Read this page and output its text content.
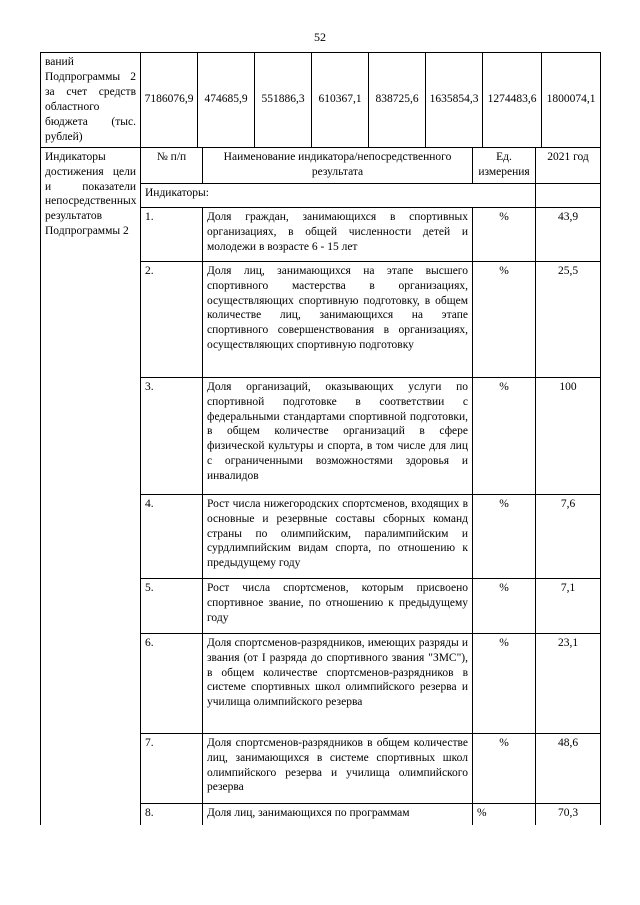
52
ваний Подпрограммы 2 за счет средств областного бюджета (тыс. рублей)	7186076,9	474685,9	551886,3	610367,1	838725,6	1635854,3	1274483,6	1800074,1
Индикаторы достижения цели и показатели непосредственных результатов Подпрограммы 2	№ п/п	Наименование индикатора/непосредственного результата	Ед. измерения	2021 год
	Индикаторы:			
	1.	Доля граждан, занимающихся в спортивных организациях, в общей численности детей и молодежи в возрасте 6 - 15 лет	%	43,9
	2.	Доля лиц, занимающихся на этапе высшего спортивного мастерства в организациях, осуществляющих спортивную подготовку, в общем количестве лиц, занимающихся на этапе спортивного совершенствования в организациях, осуществляющих спортивную подготовку	%	25,5
	3.	Доля организаций, оказывающих услуги по спортивной подготовке в соответствии с федеральными стандартами спортивной подготовки, в общем количестве организаций в сфере физической культуры и спорта, в том числе для лиц с ограниченными возможностями здоровья и инвалидов	%	100
	4.	Рост числа нижегородских спортсменов, входящих в основные и резервные составы сборных команд страны по олимпийским, паралимпийским и сурдлимпийским видам спорта, по отношению к предыдущему году	%	7,6
	5.	Рост числа спортсменов, которым присвоено спортивное звание, по отношению к предыдущему году	%	7,1
	6.	Доля спортсменов-разрядников, имеющих разряды и звания (от I разряда до спортивного звания "ЗМС"), в общем количестве спортсменов-разрядников в системе спортивных школ олимпийского резерва и училища олимпийского резерва	%	23,1
	7.	Доля спортсменов-разрядников в общем количестве лиц, занимающихся в системе спортивных школ олимпийского резерва и училища олимпийского резерва	%	48,6
	8.	Доля лиц, занимающихся по программам	%	70,3
